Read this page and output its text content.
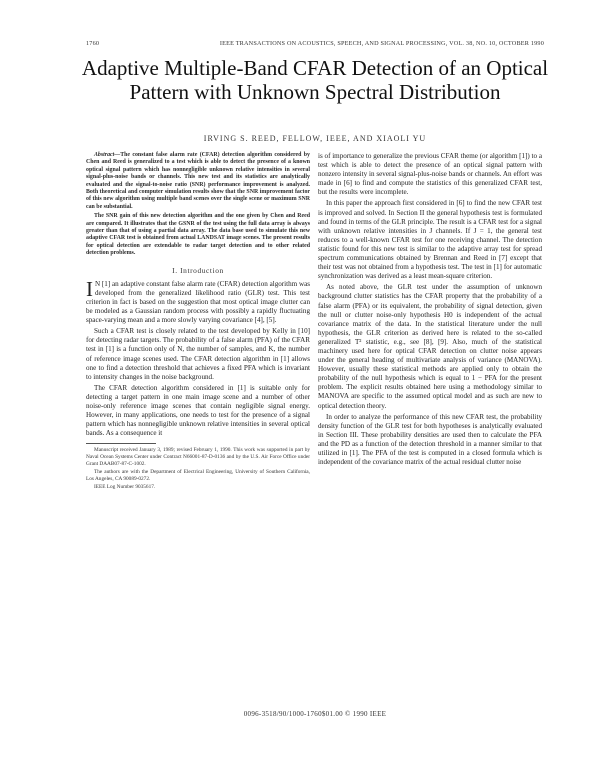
1760	IEEE TRANSACTIONS ON ACOUSTICS, SPEECH, AND SIGNAL PROCESSING, VOL. 38, NO. 10, OCTOBER 1990
Adaptive Multiple-Band CFAR Detection of an Optical Pattern with Unknown Spectral Distribution
IRVING S. REED, FELLOW, IEEE, AND XIAOLI YU

Abstract—The constant false alarm rate (CFAR) detection algorithm considered by Chen and Reed is generalized to a test which is able to detect the presence of a known optical signal pattern which has nonnegligible unknown relative intensities in several signal-plus-noise bands or channels. This new test and its statistics are analytically evaluated and the signal-to-noise ratio (SNR) performance improvement is analyzed. Both theoretical and computer simulation results show that the SNR improvement factor of this new algorithm using multiple band scenes over the single scene or maximum SNR can be substantial.

The SNR gain of this new detection algorithm and the one given by Chen and Reed are compared. It illustrates that the GSNR of the test using the full data array is always greater than that of using a partial data array. The data base used to simulate this new adaptive CFAR test is obtained from actual LANDSAT image scenes. The present results for optical detection are extendable to radar target detection and to other related detection problems.

I. Introduction

I N [1] an adaptive constant false alarm rate (CFAR) detection algorithm was developed from the generalized likelihood ratio (GLR) test. This test criterion in fact is based on the suggestion that most optical image clutter can be modeled as a Gaussian random process with possibly a rapidly fluctuating space-varying mean and a more slowly varying covariance [4], [5].

Such a CFAR test is closely related to the test developed by Kelly in [10] for detecting radar targets. The probability of a false alarm (PFA) of the CFAR test in [1] is a function only of N, the number of samples, and K, the number of reference image scenes used. The CFAR detection algorithm in [1] allows one to find a detection threshold that achieves a fixed PFA which is invariant to intensity changes in the noise background.

The CFAR detection algorithm considered in [1] is suitable only for detecting a target pattern in one main image scene and a number of other noise-only reference image scenes that contain negligible signal energy. However, in many applications, one needs to test for the presence of a signal pattern which has nonnegligible unknown relative intensities in several optical bands. As a consequence it

Manuscript received January 3, 1989; revised February 1, 1990. This work was supported in part by Naval Ocean Systems Center under Contract N66001-87-D-0136 and by the U.S. Air Force Office under Grant DAAB07-87-C-1002.

The authors are with the Department of Electrical Engineering, University of Southern California, Los Angeles, CA 90089-0272.

IEEE Log Number 9035617.

is of importance to generalize the previous CFAR theme (or algorithm [1]) to a test which is able to detect the presence of an optical signal pattern with nonzero intensity in several signal-plus-noise bands or channels. An effort was made in [6] to find and compute the statistics of this generalized CFAR test, but the results were incomplete.

In this paper the approach first considered in [6] to find the new CFAR test is improved and solved. In Section II the general hypothesis test is formulated and found in terms of the GLR principle. The result is a CFAR test for a signal with unknown relative intensities in J channels. If J = 1, the general test reduces to a well-known CFAR test for one receiving channel. The detection statistic found for this new test is similar to the adaptive array test for spread spectrum communications obtained by Brennan and Reed in [7] except that their test was not obtained from a hypothesis test. The test in [1] for automatic synchronization was derived as a least mean-square criterion.

As noted above, the GLR test under the assumption of unknown background clutter statistics has the CFAR property that the probability of a false alarm (PFA) or its equivalent, the probability of signal detection, given the null or clutter noise-only hypothesis H0 is independent of the actual covariance matrix of the data. In the statistical literature under the null hypothesis, the GLR criterion as derived here is related to the so-called generalized T² statistic, e.g., see [8], [9]. Also, much of the statistical machinery used here for optical CFAR detection on clutter noise appears under the general heading of multivariate analysis of variance (MANOVA). However, usually these statistical methods are applied only to obtain the probability of the null hypothesis which is equal to 1 − PFA for the present problem. The explicit results obtained here using a methodology similar to MANOVA are specific to the assumed optical model and as such are new to optical detection theory.

In order to analyze the performance of this new CFAR test, the probability density function of the GLR test for both hypotheses is analytically evaluated in Section III. These probability densities are used then to calculate the PFA and the PD as a function of the detection threshold in a manner similar to that utilized in [1]. The PFA of the test is computed in a closed formula which is independent of the covariance matrix of the actual residual clutter noise

0096-3518/90/1000-1760$01.00 © 1990 IEEE
